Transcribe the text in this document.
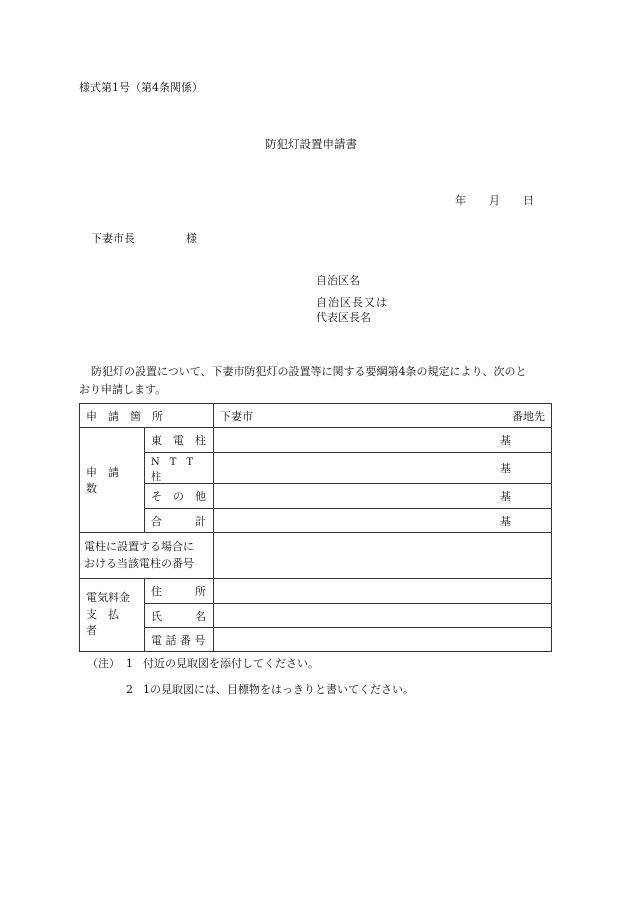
様式第1号（第4条関係）
防犯灯設置申請書
年 月 日
下妻市長	様
自治区名
自治区長又は
代表区長名
防犯灯の設置について、下妻市防犯灯の設置等に関する要綱第4条の規定により、次のと
おり申請します。
申　請　箇　所		下妻市	番地先
申　請　数	東　電　柱	基	
	N　T　T　柱	基	
	そ　の　他	基	
	合　　　計	基	

電柱に設置する場合に
おける当該電柱の番号			

電気料金
支　払　者	住　　　所		
	氏　　　名		
	電 話 番 号		
（注） 1 付近の見取図を添付してください。
2 1の見取図には、目標物をはっきりと書いてください。
